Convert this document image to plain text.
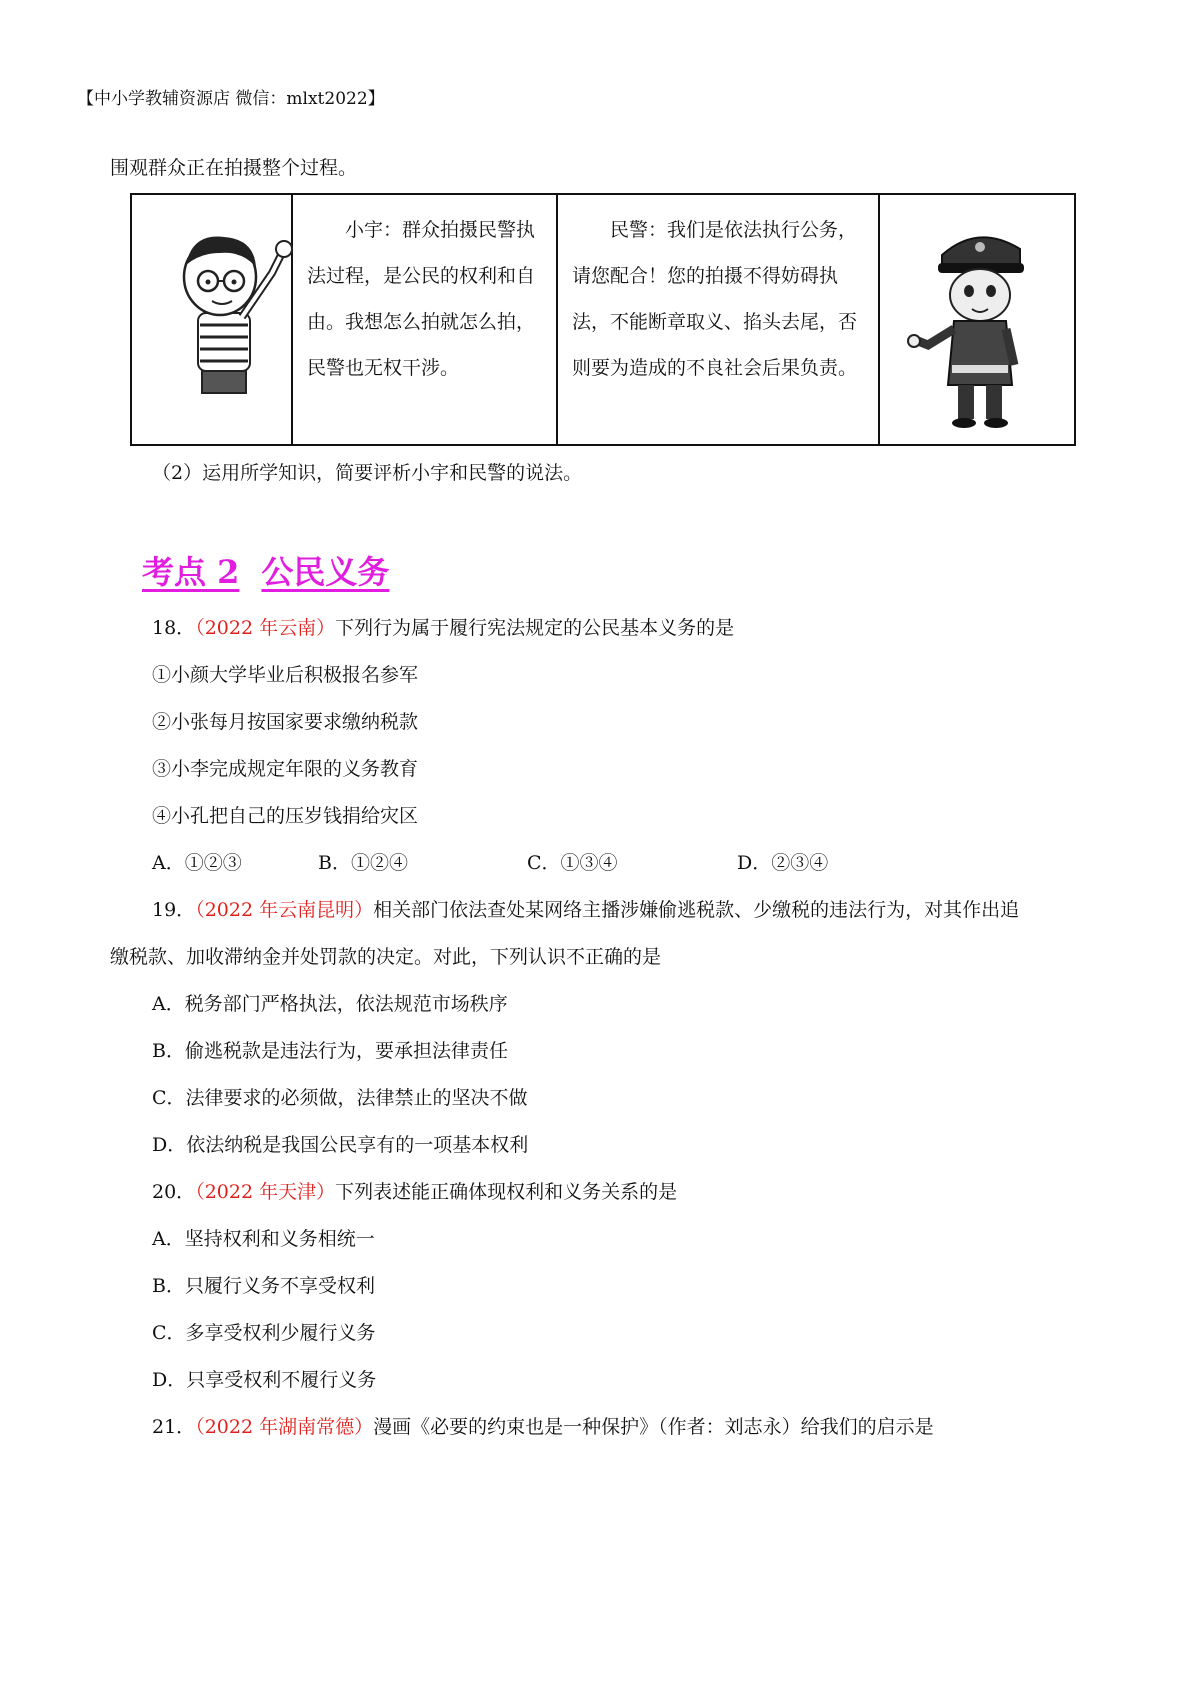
【中小学教辅资源店 微信：mlxt2022】
围观群众正在拍摄整个过程。

小宇：群众拍摄民警执法过程，是公民的权利和自由。我想怎么拍就怎么拍，民警也无权干涉。

民警：我们是依法执行公务，请您配合！您的拍摄不得妨碍执法，不能断章取义、掐头去尾，否则要为造成的不良社会后果负责。

（2）运用所学知识，简要评析小宇和民警的说法。
考点 2 公民义务
18．（2022 年云南）下列行为属于履行宪法规定的公民基本义务的是
①小颜大学毕业后积极报名参军
②小张每月按国家要求缴纳税款
③小李完成规定年限的义务教育
④小孔把自己的压岁钱捐给灾区
A．①②③	B．①②④	C．①③④	D．②③④
19．（2022 年云南昆明）相关部门依法查处某网络主播涉嫌偷逃税款、少缴税的违法行为，对其作出追
缴税款、加收滞纳金并处罚款的决定。对此，下列认识不正确的是
A．税务部门严格执法，依法规范市场秩序
B．偷逃税款是违法行为，要承担法律责任
C．法律要求的必须做，法律禁止的坚决不做
D．依法纳税是我国公民享有的一项基本权利
20．（2022 年天津）下列表述能正确体现权利和义务关系的是
A．坚持权利和义务相统一
B．只履行义务不享受权利
C．多享受权利少履行义务
D．只享受权利不履行义务
21．（2022 年湖南常德）漫画《必要的约束也是一种保护》（作者：刘志永）给我们的启示是
